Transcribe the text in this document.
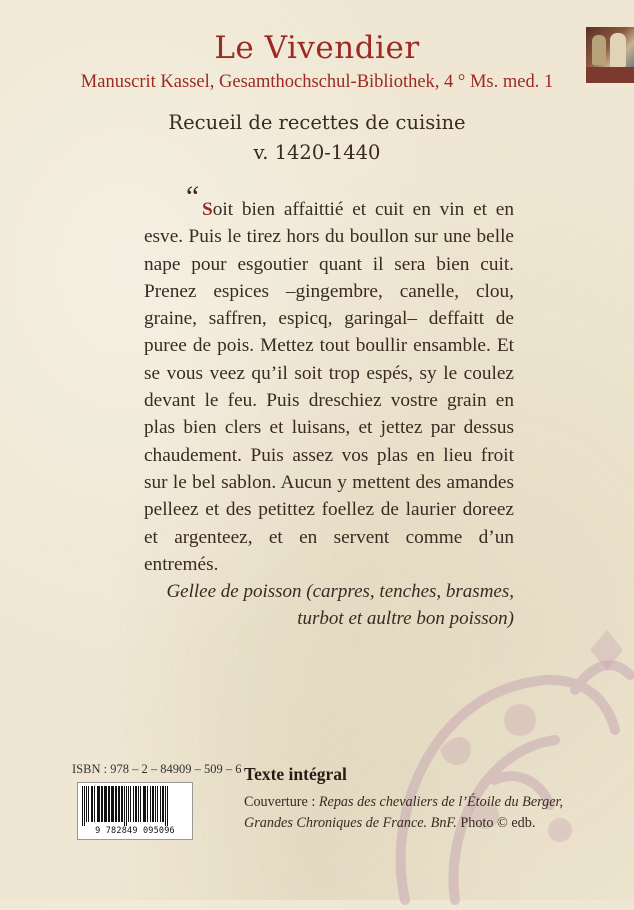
Le Vivendier
Manuscrit Kassel, Gesamthochschul-Bibliothek, 4 ° Ms. med. 1
Recueil de recettes de cuisine
v. 1420-1440
“ Soit bien affaittié et cuit en vin et en esve. Puis le tirez hors du boullon sur une belle nape pour esgoutier quant il sera bien cuit. Prenez espices –gingembre, canelle, clou, graine, saffren, espicq, garingal– deffaitt de puree de pois. Mettez tout boullir ensamble. Et se vous veez qu’il soit trop espés, sy le coulez devant le feu. Puis dreschiez vostre grain en plas bien clers et luisans, et jettez par dessus chaudement. Puis assez vos plas en lieu froit sur le bel sablon. Aucun y mettent des amandes pelleez et des petittez foellez de laurier doreez et argenteez, et en servent comme d’un entremés.
Gellee de poisson (carpres, tenches, brasmes,
turbot et aultre bon poisson)
ISBN : 978 – 2 – 84909 – 509 – 6
9 782849 095096
Texte intégral
Couverture : Repas des chevaliers de l’Étoile du Berger,
Grandes Chroniques de France. BnF. Photo © edb.
